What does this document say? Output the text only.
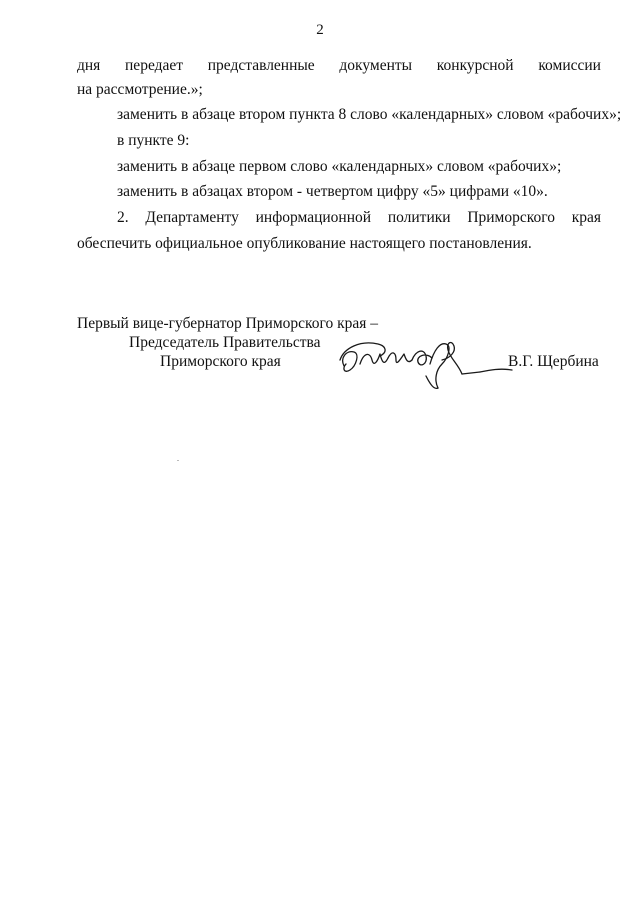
2
дня передает представленные документы конкурсной комиссии
на рассмотрение.»;
заменить в абзаце втором пункта 8 слово «календарных» словом «рабочих»;
в пункте 9:
заменить в абзаце первом слово «календарных» словом «рабочих»;
заменить в абзацах втором - четвертом цифру «5» цифрами «10».
2. Департаменту информационной политики Приморского края
обеспечить официальное опубликование настоящего постановления.
Первый вице-губернатор Приморского края –
Председатель Правительства
Приморского края	В.Г. Щербина
